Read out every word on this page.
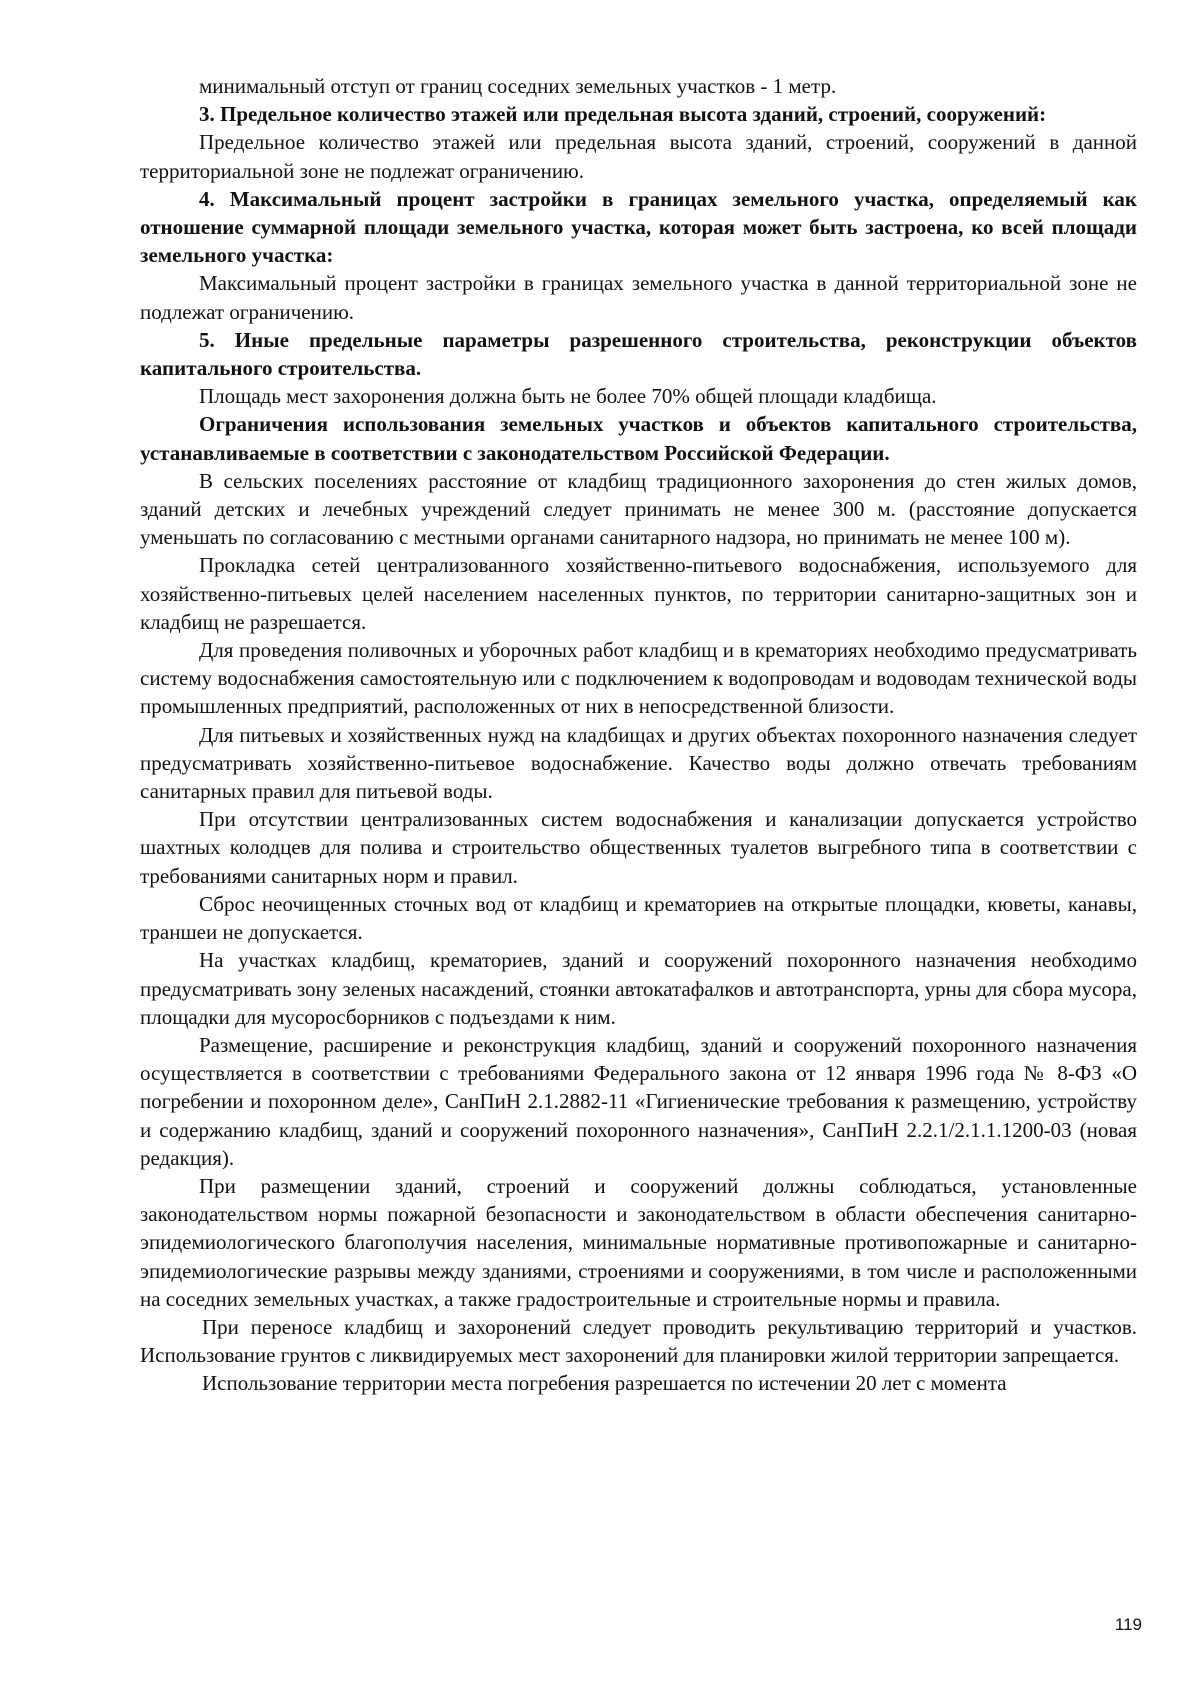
минимальный отступ от границ соседних земельных участков - 1 метр.

3. Предельное количество этажей или предельная высота зданий, строений, сооружений:

Предельное количество этажей или предельная высота зданий, строений, сооружений в данной территориальной зоне не подлежат ограничению.

4. Максимальный процент застройки в границах земельного участка, определяемый как отношение суммарной площади земельного участка, которая может быть застроена, ко всей площади земельного участка:

Максимальный процент застройки в границах земельного участка в данной территориальной зоне не подлежат ограничению.

5. Иные предельные параметры разрешенного строительства, реконструкции объектов капитального строительства.

Площадь мест захоронения должна быть не более 70% общей площади кладбища.

Ограничения использования земельных участков и объектов капитального строительства, устанавливаемые в соответствии с законодательством Российской Федерации.

В сельских поселениях расстояние от кладбищ традиционного захоронения до стен жилых домов, зданий детских и лечебных учреждений следует принимать не менее 300 м. (расстояние допускается уменьшать по согласованию с местными органами санитарного надзора, но принимать не менее 100 м).

Прокладка сетей централизованного хозяйственно-питьевого водоснабжения, используемого для хозяйственно-питьевых целей населением населенных пунктов, по территории санитарно-защитных зон и кладбищ не разрешается.

Для проведения поливочных и уборочных работ кладбищ и в крематориях необходимо предусматривать систему водоснабжения самостоятельную или с подключением к водопроводам и водоводам технической воды промышленных предприятий, расположенных от них в непосредственной близости.

Для питьевых и хозяйственных нужд на кладбищах и других объектах похоронного назначения следует предусматривать хозяйственно-питьевое водоснабжение. Качество воды должно отвечать требованиям санитарных правил для питьевой воды.

При отсутствии централизованных систем водоснабжения и канализации допускается устройство шахтных колодцев для полива и строительство общественных туалетов выгребного типа в соответствии с требованиями санитарных норм и правил.

Сброс неочищенных сточных вод от кладбищ и крематориев на открытые площадки, кюветы, канавы, траншеи не допускается.

На участках кладбищ, крематориев, зданий и сооружений похоронного назначения необходимо предусматривать зону зеленых насаждений, стоянки автокатафалков и автотранспорта, урны для сбора мусора, площадки для мусоросборников с подъездами к ним.

Размещение, расширение и реконструкция кладбищ, зданий и сооружений похоронного назначения осуществляется в соответствии с требованиями Федерального закона от 12 января 1996 года № 8-ФЗ «О погребении и похоронном деле», СанПиН 2.1.2882-11 «Гигиенические требования к размещению, устройству и содержанию кладбищ, зданий и сооружений похоронного назначения», СанПиН 2.2.1/2.1.1.1200-03 (новая редакция).

При размещении зданий, строений и сооружений должны соблюдаться, установленные законодательством нормы пожарной безопасности и законодательством в области обеспечения санитарно-эпидемиологического благополучия населения, минимальные нормативные противопожарные и санитарно-эпидемиологические разрывы между зданиями, строениями и сооружениями, в том числе и расположенными на соседних земельных участках, а также градостроительные и строительные нормы и правила.

При переносе кладбищ и захоронений следует проводить рекультивацию территорий и участков. Использование грунтов с ликвидируемых мест захоронений для планировки жилой территории запрещается.

Использование территории места погребения разрешается по истечении 20 лет с момента

119
